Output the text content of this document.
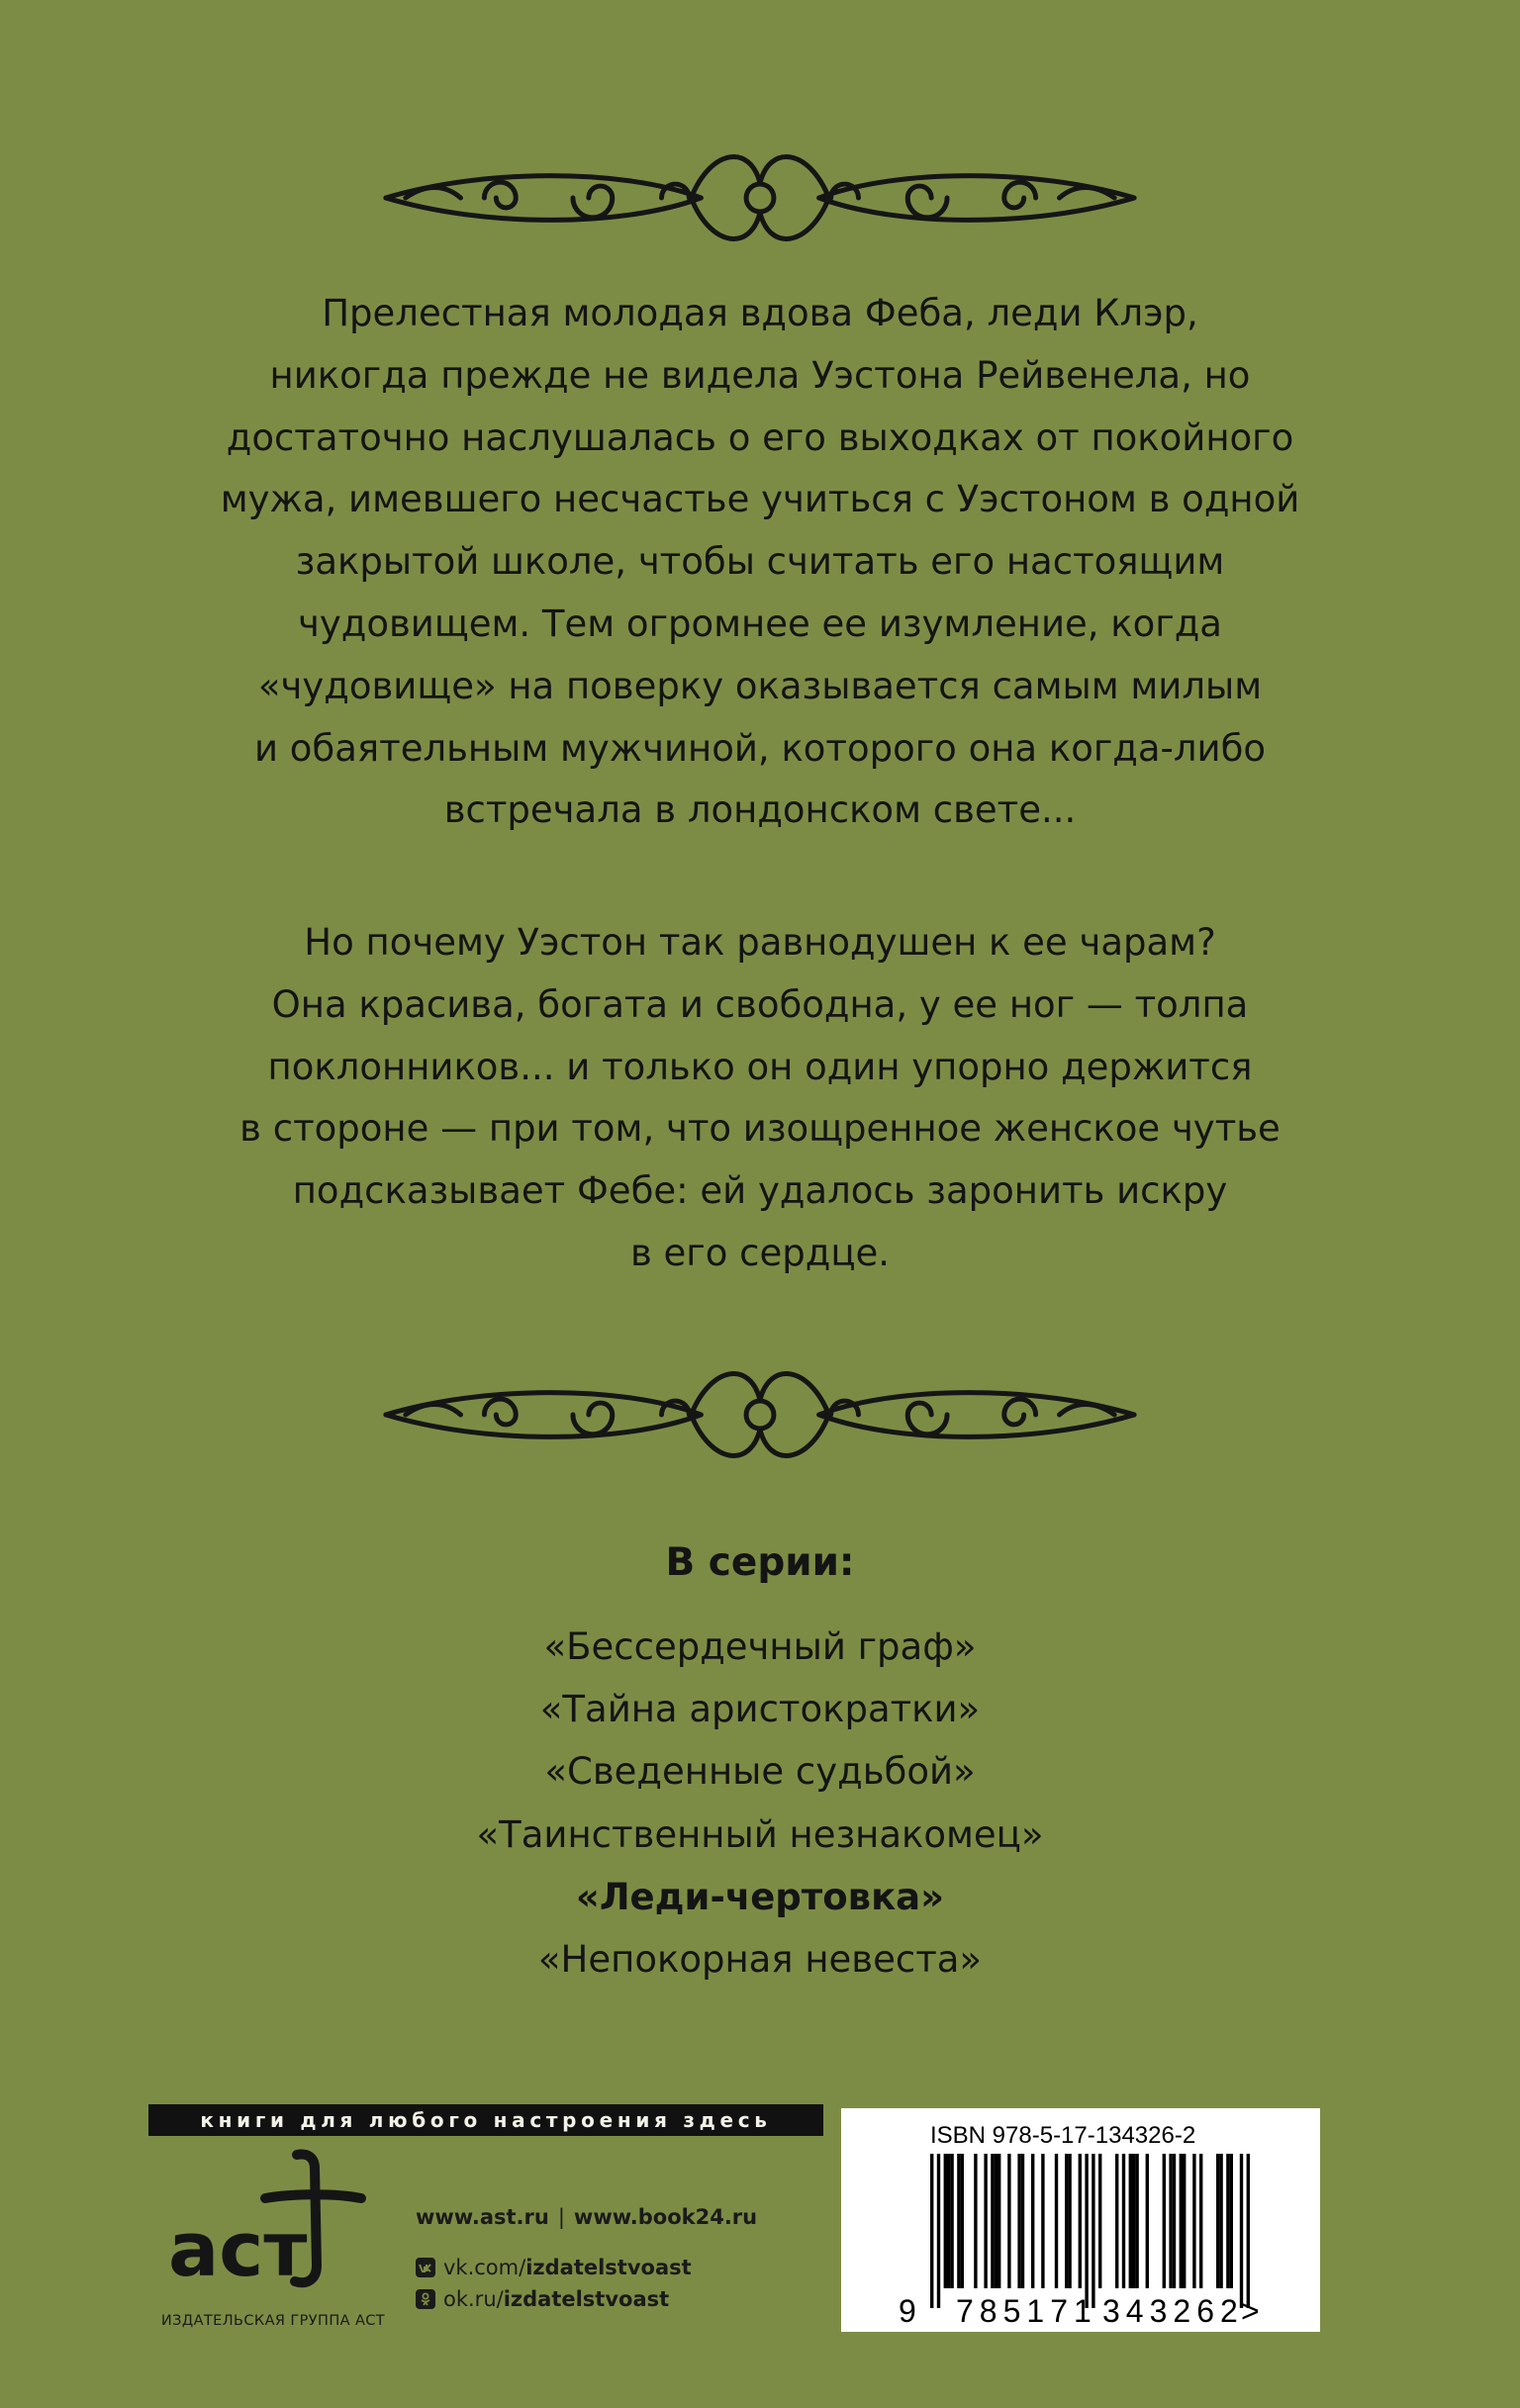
Прелестная молодая вдова Феба, леди Клэр,
никогда прежде не видела Уэстона Рейвенела, но
достаточно наслушалась о его выходках от покойного
мужа, имевшего несчастье учиться с Уэстоном в одной
закрытой школе, чтобы считать его настоящим
чудовищем. Тем огромнее ее изумление, когда
«чудовище» на поверку оказывается самым милым
и обаятельным мужчиной, которого она когда-либо
встречала в лондонском свете...

Но почему Уэстон так равнодушен к ее чарам?
Она красива, богата и свободна, у ее ног — толпа
поклонников... и только он один упорно держится
в стороне — при том, что изощренное женское чутье
подсказывает Фебе: ей удалось заронить искру
в его сердце.

В серии:
«Бессердечный граф»
«Тайна аристократки»
«Сведенные судьбой»
«Таинственный незнакомец»
«Леди-чертовка»
«Непокорная невеста»
книги для любого настроения здесь
аст
ИЗДАТЕЛЬСКАЯ ГРУППА АСТ
www.ast.ru | www.book24.ru
vk.com/ izdatelstvoast
ok.ru/ izdatelstvoast	9 785171 343262
>
ISBN 978-5-17-134326-2
